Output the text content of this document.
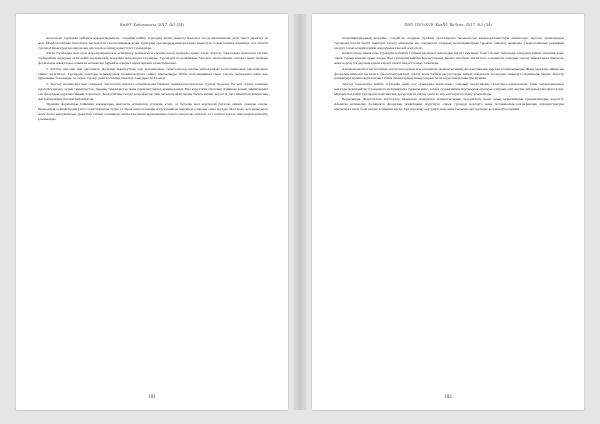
ҚазҰУ Хабаршысы. 2017. №3 (54)

жоқтығын, тәрізділік пайдағы ыдырағандықтан, сондайақ кейбір түрлердің шегін анықтау мәселесі әлі де шешілмеген, оған тиісті деректер де жоқ. Морфологиялық белгілерге негізделген таксономиялық жүйе түрлердің арасындағы шекараларды анықтауда толық нәтиже бермейді, сол себепті түрлерді анықтауда молекулалық әдістерді қолдану қажеттілігі туындайды.

Үйсін тоғайлары мен өзен жағалауларындағы өсімдіктер жамылғысы ерекше назар аударуды қажет етеді. Зерттеу барысында жиналған үлгілер гербарийлік өңдеуден өтіп, кейін зертханалық жағдайда жан-жақты талданды. Түрлердің географиялық таралуы, экологиялық топтары және тіршілік формалары анықталды, алынған нәтижелер бұрынғы әдебиет деректерімен салыстырылды.

2. Зерттеу нысаны мен әдістемесі. Далалық маршруттық әдіс қолданылып, сипаттамалар жалпы қабылданған геоботаникалық әдістемелерге сәйкес жүргізілді. Түрлердің атаулары халықаралық номенклатураға сәйкес нақтыланды. Әрбір популяцияның саны, таралу тығыздығы және жас құрылымы бағаланды, ал сирек түрлер үшін қосымша бақылау алаңдары белгіленді.

3. Зерттеу нәтижелері мен талқылау. Зерттелген аумақта өсімдіктердің бірнеше тұқымдасқа жататын түрлері тіркелді. Ең көп түрлер санымен күрделігүлділер, астық тұқымдастар, бұршақ тұқымдастар және раушангүлділер ерекшеленеді. Бұл көрсеткіш Орталық Азияның жазық аймақтарына тән флоралық құрамды айқын көрсетеді. Экологиялық талдау ксерофиттер мен мезоксерофиттердің басым екенін көрсетті, бұл аймақтың климаттық жағдайларымен тікелей байланысты.

Тіршілік формалары бойынша көпжылдық шөптесін өсімдіктер үстемдік етеді, ал бұталар мен жартылай бұталар екінші орынды алады. Біржылдық өсімдіктердің үлесі салыстырмалы түрде аз, бірақ антропогендік әсер күшейген жерлерде олардың саны артады. Мал жаю, жол құрылысы және басқа шаруашылық әрекеттер табиғи өсімдіктер жамылғысының құрылымына елеулі өзгерістер енгізеді, сол себепті қорғау шараларын күшейту ұсынылады.

181
ISSN 1563-0218. KazNU Bulletin. 2017. №3 (54)

популяцияларының жағдайы, сондай-ақ олардың тіршілік ортасындағы бәсекелестік қарым-қатынастары анықталды. Зерттеу аумағындағы түрлердің басым бөлігі шектеулі таралу аймағына ие, сондықтан олардың популяцияларын тұрақты бақылау маңызды. Гидрологиялық режимнің өзгеруі тоғай өсімдіктерінің жаңаруына тікелей әсер етеді.

Қазіргі кезде аймақтағы түрлердің көпшілігі табиғи қауымдастықтардың негізгі құрамдас бөлігі болып табылады. Олардың ішінде эндемик және сирек түрлер ерекше орын алады. Бұл түрлердің кейбірі Қазақстанның Қызыл кітабына енгізілген, сондықтан олардың таралу аймақтарын нақтылау және қорғау бағдарламаларын әзірлеу өзекті міндет болып табылады.

Алынған мәліметтер негізінде зерттелген аумақтағы өсімдіктер жамылғысының флористикалық құрамы толықтырылды. Жаңа деректер аймақтың флорасын кешенді бағалауға, биоалуантүрлілікті сақтау және табиғи ресурстарды тиімді пайдалану жолдарын анықтауға мүмкіндік береді. Зерттеу нәтижелері ерекше қорғалатын табиғи аумақтардың шекараларын белгілеуде пайдаланылуы мүмкін.

Зерттеу барысында кейбір түрлердің жаңа өсу орындары анықталып, олардың экологиялық талаптары нақтыланды. Өзен аңғарларындағы ылғалды мекендейтін түрлердің популяциялары тұрақты емес, себебі су деңгейінің маусымдық ауытқуы олардың өсіп-өнуіне айтарлықтай ықпал етеді. Мұндай жағдайда түрлердің генетикалық әртүрлілігін сақтау үшін ex situ әдістерін қолдану ұсынылады.

Қорытынды. Жүргізілген зерттеулер аймақтың өсімдіктер жамылғысының әртүрлілігін және оның құрылымдық ерекшеліктерін көрсетті. Алынған нәтижелер болашақта флоралық мониторинг жүргізуге, сирек түрлерді қорғауға және ботаникалық-географиялық аудандастыруды нақтылауға негіз бола алады. Сонымен қатар, бұл деректер оқу үдерісінде және ғылыми зерттеулерде қолданылуы мүмкін.

182
